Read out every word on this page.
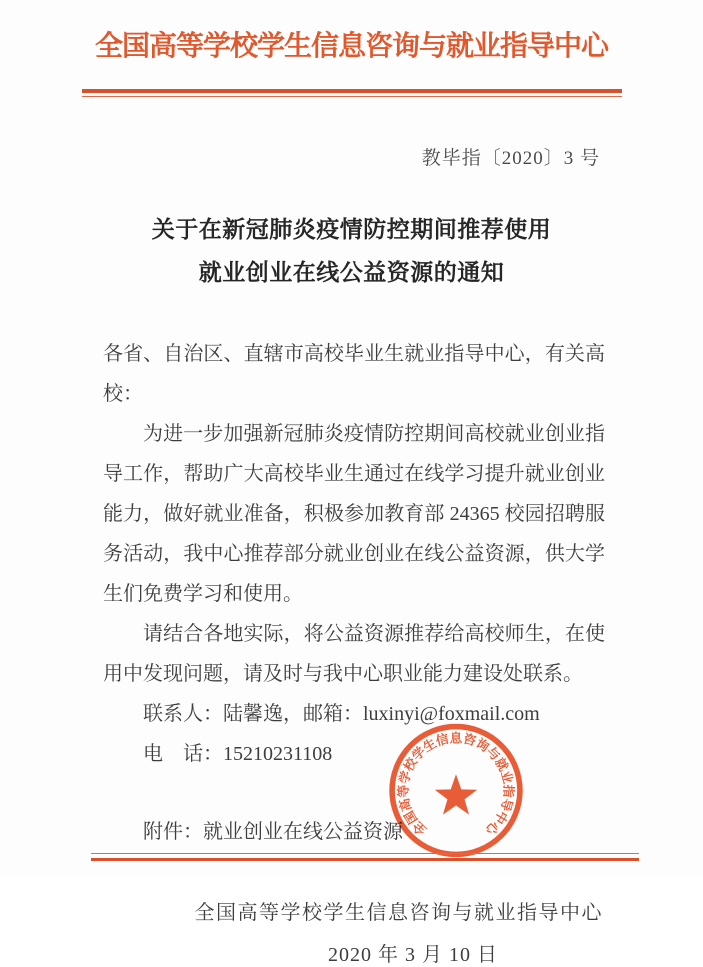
全国高等学校学生信息咨询与就业指导中心
教毕指〔2020〕3 号
关于在新冠肺炎疫情防控期间推荐使用
就业创业在线公益资源的通知

各省、自治区、直辖市高校毕业生就业指导中心，有关高校：

为进一步加强新冠肺炎疫情防控期间高校就业创业指导工作，帮助广大高校毕业生通过在线学习提升就业创业能力，做好就业准备，积极参加教育部 24365 校园招聘服务活动，我中心推荐部分就业创业在线公益资源，供大学生们免费学习和使用。

请结合各地实际，将公益资源推荐给高校师生，在使用中发现问题，请及时与我中心职业能力建设处联系。

联系人：陆馨逸，邮箱：luxinyi@foxmail.com

电　话：15210231108

附件：就业创业在线公益资源

全国高等学校学生信息咨询与就业指导中心
2020 年 3 月 10 日
全国高等学校学生信息咨询与就业指导中心
